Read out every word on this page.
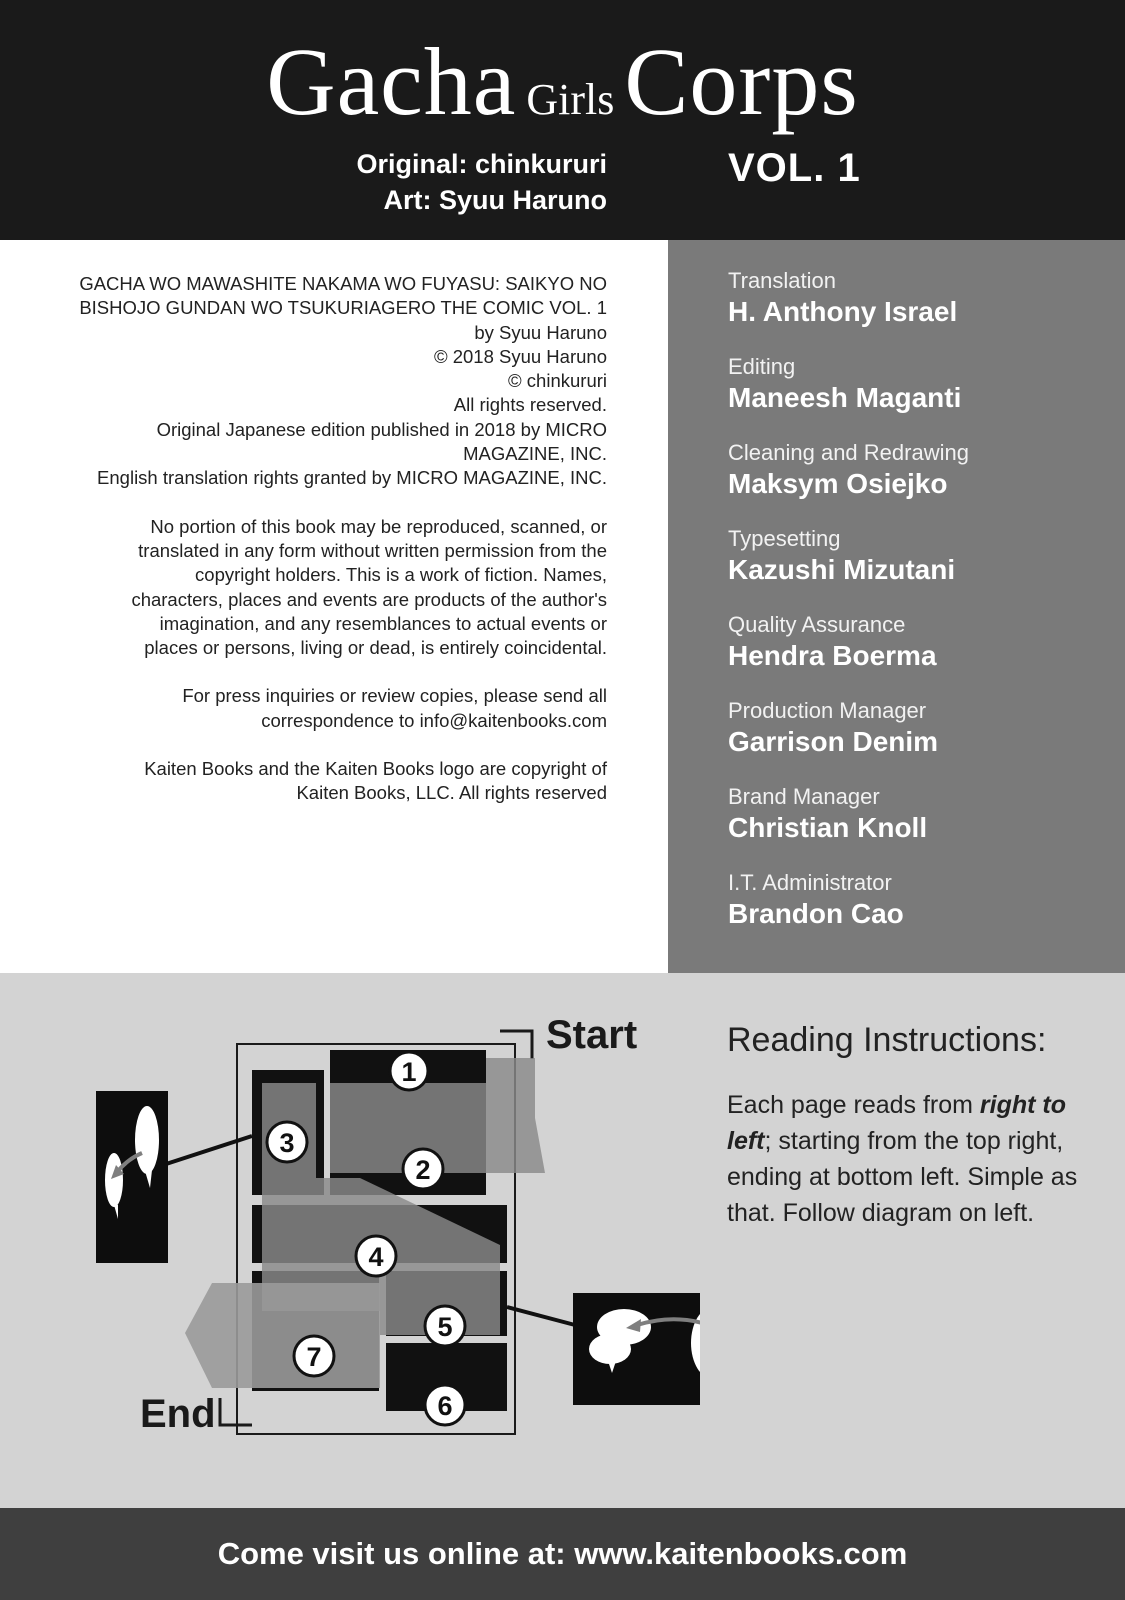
Gacha Girls Corps
Original: chinkururi
Art: Syuu Haruno
VOL. 1

GACHA WO MAWASHITE NAKAMA WO FUYASU: SAIKYO NO
BISHOJO GUNDAN WO TSUKURIAGERO THE COMIC VOL. 1
by Syuu Haruno
© 2018 Syuu Haruno
© chinkururi
All rights reserved.
Original Japanese edition published in 2018 by MICRO
MAGAZINE, INC.
English translation rights granted by MICRO MAGAZINE, INC.

No portion of this book may be reproduced, scanned, or
translated in any form without written permission from the
copyright holders. This is a work of fiction. Names,
characters, places and events are products of the author's
imagination, and any resemblances to actual events or
places or persons, living or dead, is entirely coincidental.

For press inquiries or review copies, please send all
correspondence to info@kaitenbooks.com

Kaiten Books and the Kaiten Books logo are copyright of
Kaiten Books, LLC. All rights reserved

Translation
H. Anthony Israel
Editing
Maneesh Maganti
Cleaning and Redrawing
Maksym Osiejko
Typesetting
Kazushi Mizutani
Quality Assurance
Hendra Boerma
Production Manager
Garrison Denim
Brand Manager
Christian Knoll
I.T. Administrator
Brandon Cao
Start
End
1
2
3
4
5
6
7
Reading Instructions:
Each page reads from right to left; starting from the top right, ending at bottom left. Simple as that. Follow diagram on left.
Come visit us online at: www.kaitenbooks.com
